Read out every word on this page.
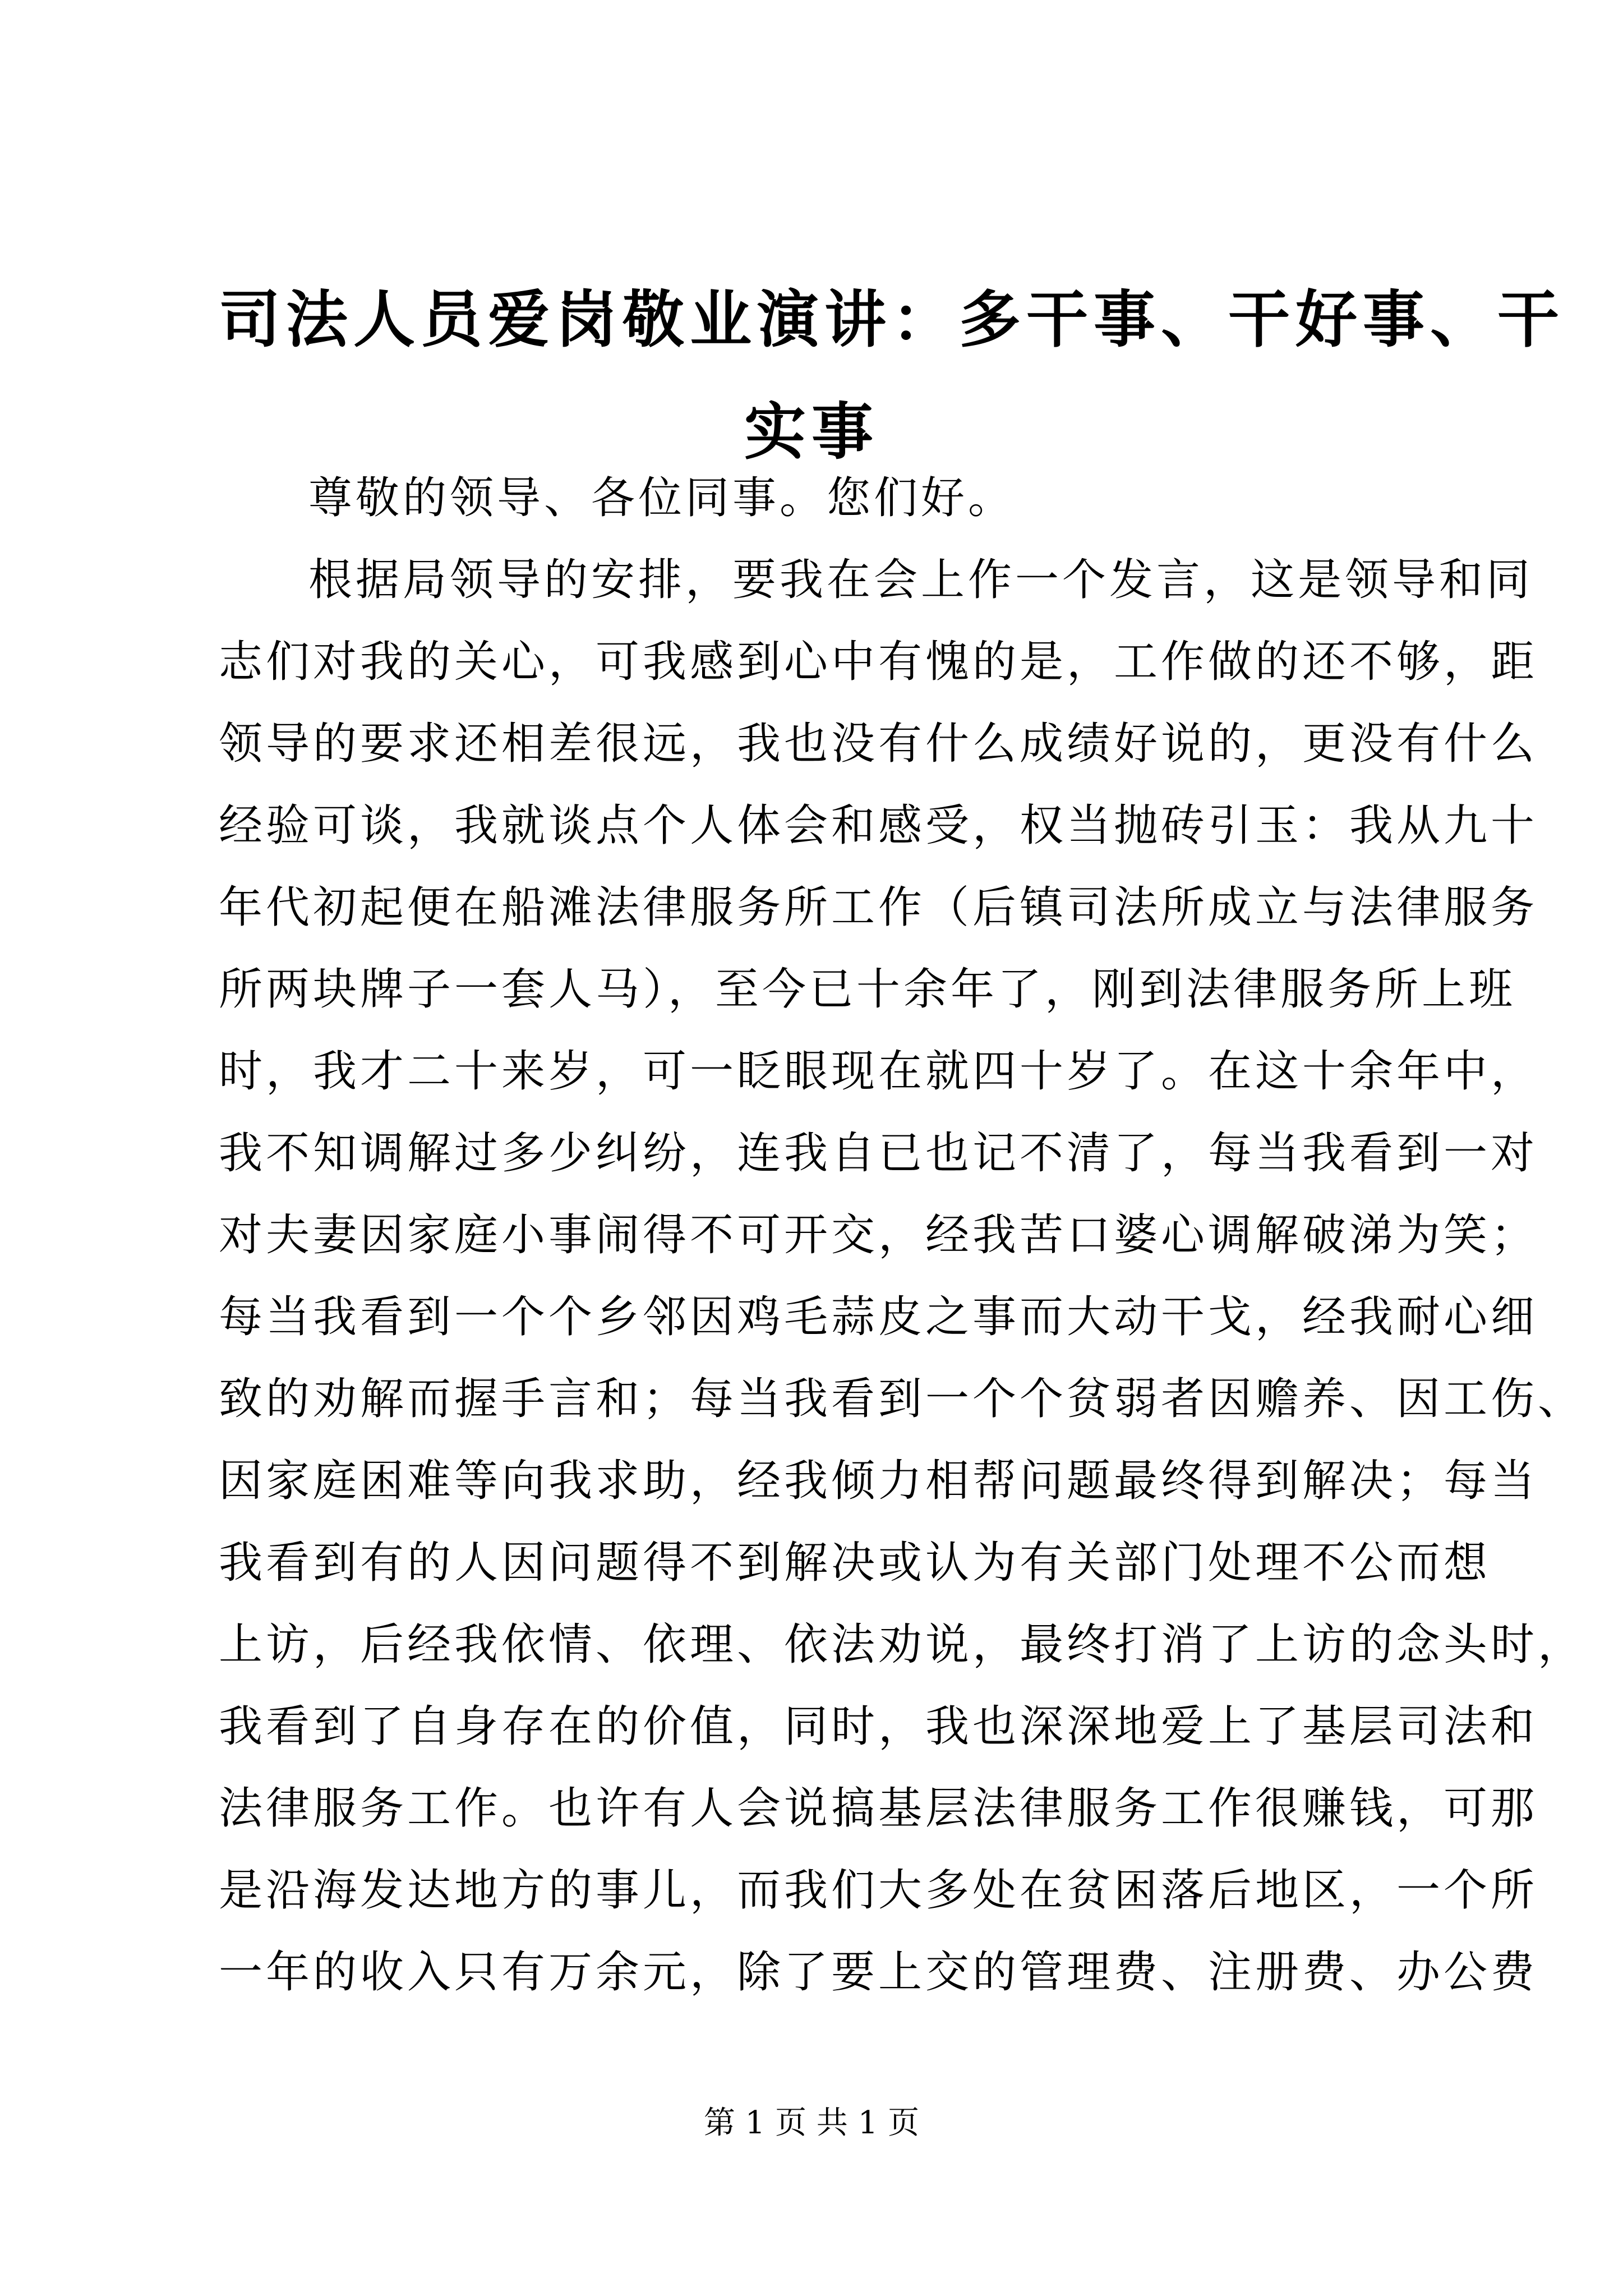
司法人员爱岗敬业演讲：多干事、干好事、干
实事
尊敬的领导、各位同事。您们好。
根据局领导的安排，要我在会上作一个发言，这是领导和同
志们对我的关心，可我感到心中有愧的是，工作做的还不够，距
领导的要求还相差很远，我也没有什么成绩好说的，更没有什么
经验可谈，我就谈点个人体会和感受，权当抛砖引玉：我从九十
年代初起便在船滩法律服务所工作（后镇司法所成立与法律服务
所两块牌子一套人马），至今已十余年了，刚到法律服务所上班
时，我才二十来岁，可一眨眼现在就四十岁了。在这十余年中，
我不知调解过多少纠纷，连我自已也记不清了，每当我看到一对
对夫妻因家庭小事闹得不可开交，经我苦口婆心调解破涕为笑；
每当我看到一个个乡邻因鸡毛蒜皮之事而大动干戈，经我耐心细
致的劝解而握手言和；每当我看到一个个贫弱者因赡养、因工伤、
因家庭困难等向我求助，经我倾力相帮问题最终得到解决；每当
我看到有的人因问题得不到解决或认为有关部门处理不公而想
上访，后经我依情、依理、依法劝说，最终打消了上访的念头时，
我看到了自身存在的价值，同时，我也深深地爱上了基层司法和
法律服务工作。也许有人会说搞基层法律服务工作很赚钱，可那
是沿海发达地方的事儿，而我们大多处在贫困落后地区，一个所
一年的收入只有万余元，除了要上交的管理费、注册费、办公费
第 1 页 共 1 页
